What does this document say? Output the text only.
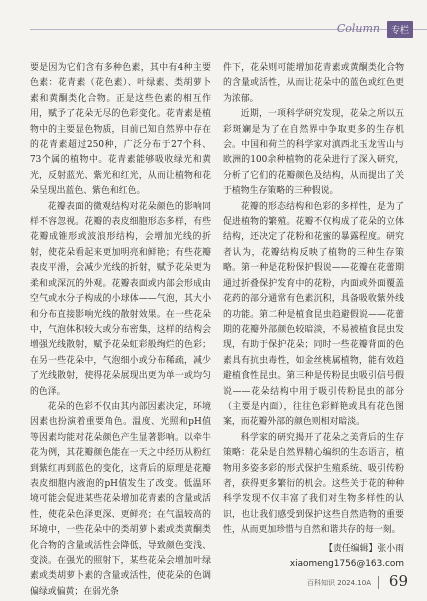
Column	专栏

要是因为它们含有多种色素，其中有4种主要色素：花青素（花色素）、叶绿素、类胡萝卜素和黄酮类化合物。正是这些色素的相互作用，赋予了花朵无尽的色彩变化。花青素是植物中的主要显色物质，目前已知自然界中存在的花青素超过250种，广泛分布于27个科、73个属的植物中。花青素能够吸收绿光和黄光，反射蓝光、紫光和红光，从而让植物和花朵呈现出蓝色、紫色和红色。

花瓣表面的微观结构对花朵颜色的影响同样不容忽视。花瓣的表皮细胞形态多样，有些花瓣成锥形或波浪形结构，会增加光线的折射，使花朵看起来更加明亮和鲜艳；有些花瓣表皮平滑，会减少光线的折射，赋予花朵更为柔和或深沉的外观。花瓣表面或内部会形成由空气或水分子构成的小球体——气泡，其大小和分布直接影响光线的散射效果。在一些花朵中，气泡体积较大或分布密集，这样的结构会增强光线散射，赋予花朵虹彩般绚烂的色彩；在另一些花朵中，气泡细小或分布稀疏，减少了光线散射，使得花朵展现出更为单一或均匀的色泽。

花朵的色彩不仅由其内部因素决定，环境因素也扮演着重要角色。温度、光照和pH值等因素均能对花朵颜色产生显著影响。以牵牛花为例，其花瓣颜色能在一天之中经历从粉红到紫红再到蓝色的变化，这背后的原理是花瓣表皮细胞内液泡的pH值发生了改变。低温环境可能会促进某些花朵增加花青素的含量或活性，使花朵色泽更深、更鲜亮；在气温较高的环境中，一些花朵中的类胡萝卜素或类黄酮类化合物的含量或活性会降低，导致颜色变浅、变淡。在强光的照射下，某些花朵会增加叶绿素或类胡萝卜素的含量或活性，使花朵的色调偏绿或偏黄；在弱光条

件下，花朵则可能增加花青素或黄酮类化合物的含量或活性，从而让花朵中的蓝色或红色更为浓郁。

近期，一项科学研究发现，花朵之所以五彩斑斓是为了在自然界中争取更多的生存机会。中国和荷兰的科学家对滇西北玉龙雪山与欧洲的100余种植物的花朵进行了深入研究，分析了它们的花瓣颜色及结构，从而提出了关于植物生存策略的三种假说。

花瓣的形态结构和色彩的多样性，是为了促进植物的繁殖。花瓣不仅构成了花朵的立体结构，还决定了花粉和花蜜的暴露程度。研究者认为，花瓣结构反映了植物的三种生存策略。第一种是花粉保护假说——花瓣在花蕾期通过折叠保护发育中的花粉，内面或外面覆盖花药的部分通常有色素沉积，具备吸收紫外线的功能。第二种是植食昆虫趋避假说——花蕾期的花瓣外部颜色较暗淡，不易被植食昆虫发现，有助于保护花朵；同时一些花瓣背面的色素具有抗虫毒性，如金丝桃属植物，能有效趋避植食性昆虫。第三种是传粉昆虫吸引信号假说——花朵结构中用于吸引传粉昆虫的部分（主要是内面），往往色彩鲜艳或具有花色图案，而花瓣外部的颜色则相对暗淡。

科学家的研究揭开了花朵之美背后的生存策略：花朵是自然界精心编织的生态语言，植物用多姿多彩的形式保护生殖系统、吸引传粉者，获得更多繁衍的机会。这些关于花的种种科学发现不仅丰富了我们对生物多样性的认识，也让我们感受到保护这些自然造物的重要性，从而更加珍惜与自然和谐共存的每一刻。

【责任编辑】张小雨
xiaomeng1756@163.com
百科知识 2024.10A 69
